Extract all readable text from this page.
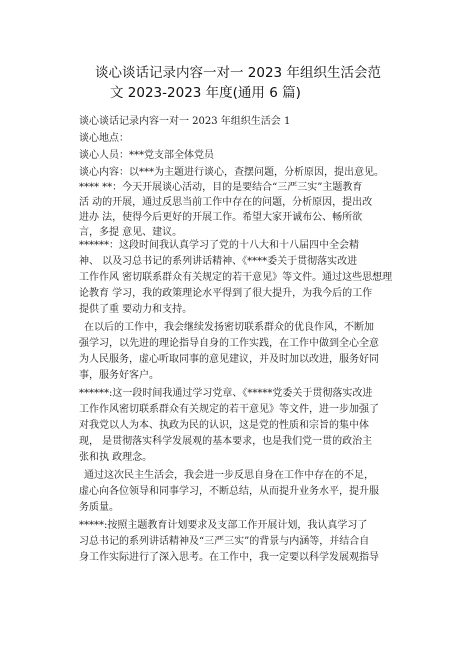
谈心谈话记录内容一对一 2023 年组织生活会范
文 2023-2023 年度(通用 6 篇)
谈心谈话记录内容一对一 2023 年组织生活会 1
谈心地点：
谈心人员：***党支部全体党员
谈心内容：以***为主题进行谈心，查摆问题，分析原因，提出意见。
**** **：今天开展谈心活动，目的是要结合“三严三实”主题教育
活 动的开展，通过反思当前工作中存在的问题，分析原因，提出改
进办 法，使得今后更好的开展工作。希望大家开诚布公、畅所欲
言，多提 意见、建议。
******：这段时间我认真学习了党的十八大和十八届四中全会精
神、 以及习总书记的系列讲话精神、《****委关于贯彻落实改进
工作作风 密切联系群众有关规定的若干意见》等文件。通过这些思想理
论教育 学习，我的政策理论水平得到了很大提升，为我今后的工作
提供了重 要动力和支持。
在以后的工作中，我会继续发扬密切联系群众的优良作风，不断加
强学习，以先进的理论指导自身的工作实践，在工作中做到全心全意
为人民服务，虚心听取同事的意见建议，并及时加以改进，服务好同
事，服务好客户。
******:这一段时间我通过学习党章、《*****党委关于贯彻落实改进
工作作风密切联系群众有关规定的若干意见》等文件，进一步加强了
对我党以人为本、执政为民的认识，这是党的性质和宗旨的集中体
现， 是贯彻落实科学发展观的基本要求，也是我们党一贯的政治主
张和执 政理念。
通过这次民主生活会，我会进一步反思自身在工作中存在的不足，
虚心向各位领导和同事学习，不断总结，从而提升业务水平，提升服
务质量。
*****:按照主题教育计划要求及支部工作开展计划，我认真学习了
习总书记的系列讲话精神及“三严三实”的背景与内涵等，并结合自
身工作实际进行了深入思考。在工作中，我一定要以科学发展观指导
